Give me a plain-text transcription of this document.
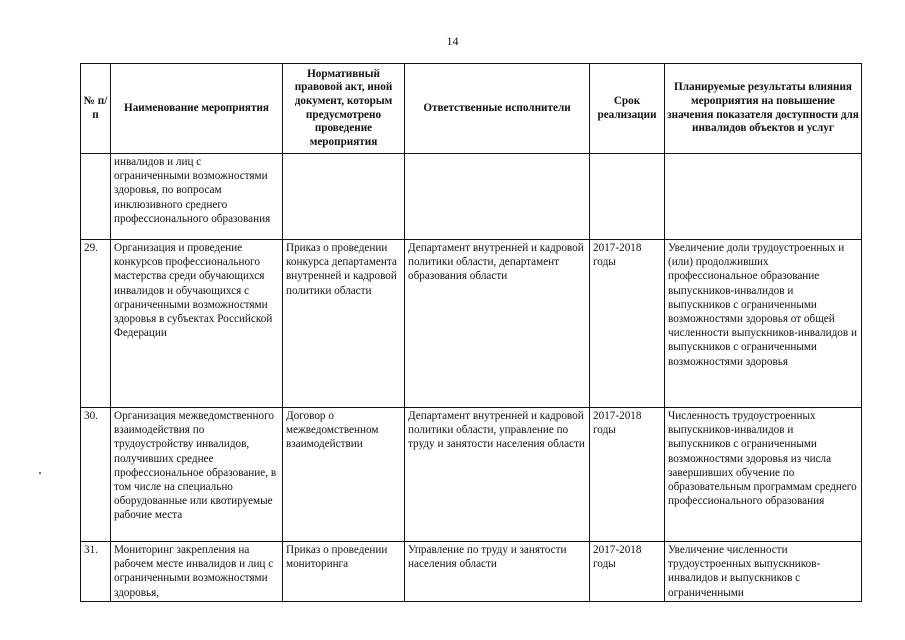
14
№ п/п	Наименование мероприятия	Нормативный правовой акт, иной документ, которым предусмотрено проведение мероприятия	Ответственные исполнители	Срок реализации	Планируемые результаты влияния мероприятия на повышение значения показателя доступности для инвалидов объектов и услуг
	инвалидов и лиц с ограниченными возможностями здоровья, по вопросам инклюзивного среднего профессионального образования				
29.	Организация и проведение конкурсов профессионального мастерства среди обучающихся инвалидов и обучающихся с ограниченными возможностями здоровья в субъектах Российской Федерации	Приказ о проведении конкурса департамента внутренней и кадровой политики области	Департамент внутренней и кадровой политики области, департамент образования области	2017-2018 годы	Увеличение доли трудоустроенных и (или) продолживших профессиональное образование выпускников-инвалидов и выпускников с ограниченными возможностями здоровья от общей численности выпускников-инвалидов и выпускников с ограниченными возможностями здоровья
30.	Организация межведомственного взаимодействия по трудоустройству инвалидов, получивших среднее профессиональное образование, в том числе на специально оборудованные или квотируемые рабочие места	Договор о межведомственном взаимодействии	Департамент внутренней и кадровой политики области, управление по труду и занятости населения области	2017-2018 годы	Численность трудоустроенных выпускников-инвалидов и выпускников с ограниченными возможностями здоровья из числа завершивших обучение по образовательным программам среднего профессионального образования
31.	Мониторинг закрепления на рабочем месте инвалидов и лиц с ограниченными возможностями здоровья,	Приказ о проведении мониторинга	Управление по труду и занятости населения области	2017-2018 годы	Увеличение численности трудоустроенных выпускников-инвалидов и выпускников с ограниченными
